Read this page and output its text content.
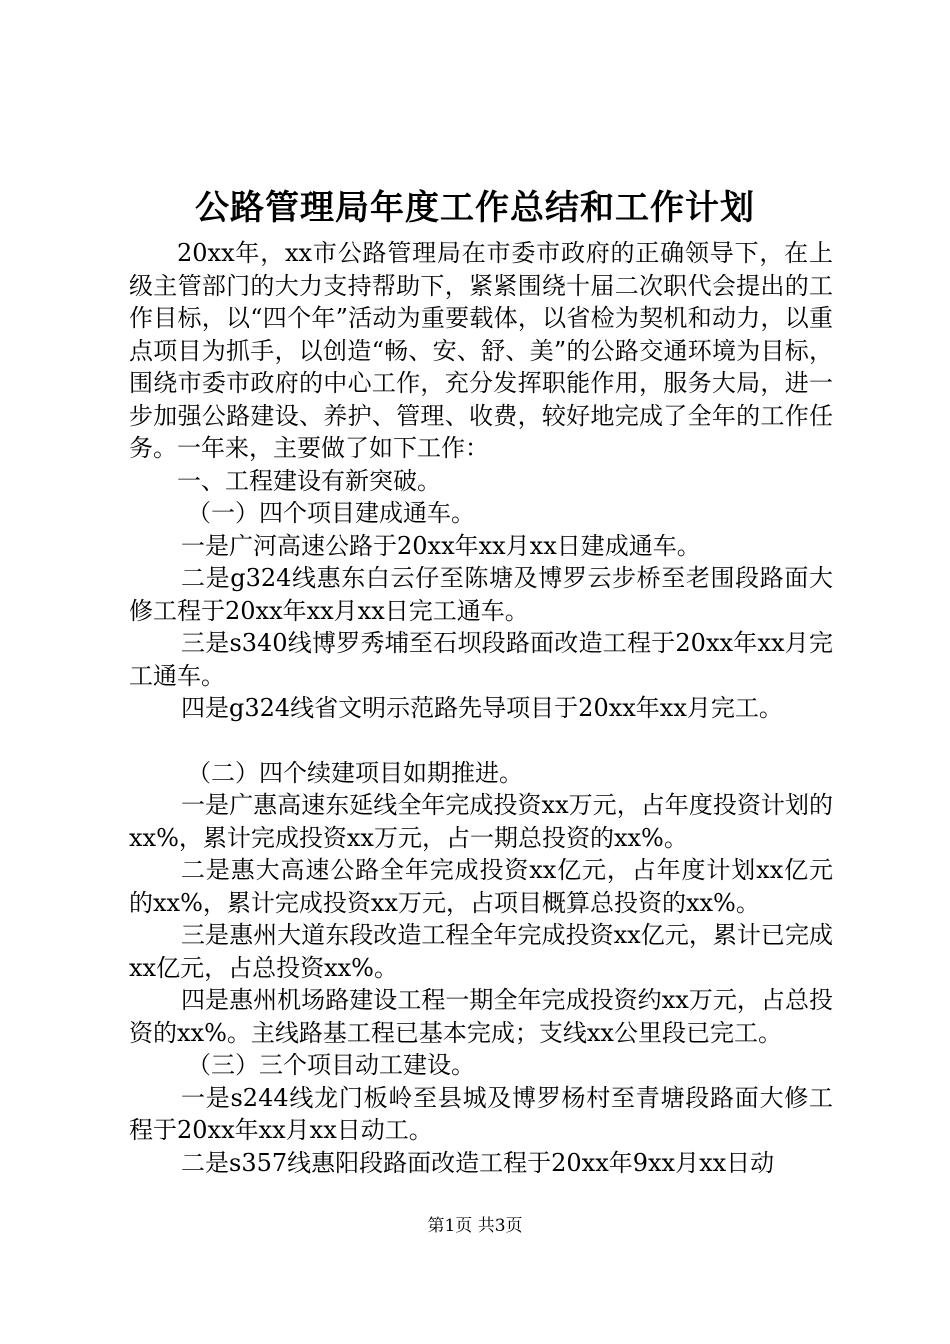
公路管理局年度工作总结和工作计划

20xx年，xx市公路管理局在市委市政府的正确领导下，在上级主管部门的大力支持帮助下，紧紧围绕十届二次职代会提出的工作目标，以“四个年”活动为重要载体，以省检为契机和动力，以重点项目为抓手，以创造“畅、安、舒、美”的公路交通环境为目标，围绕市委市政府的中心工作，充分发挥职能作用，服务大局，进一步加强公路建设、养护、管理、收费，较好地完成了全年的工作任务。一年来，主要做了如下工作：

一、工程建设有新突破。

（一）四个项目建成通车。

一是广河高速公路于20xx年xx月xx日建成通车。

二是g324线惠东白云仔至陈塘及博罗云步桥至老围段路面大修工程于20xx年xx月xx日完工通车。

三是s340线博罗秀埔至石坝段路面改造工程于20xx年xx月完工通车。

四是g324线省文明示范路先导项目于20xx年xx月完工。

（二）四个续建项目如期推进。

一是广惠高速东延线全年完成投资xx万元，占年度投资计划的xx%，累计完成投资xx万元，占一期总投资的xx%。

二是惠大高速公路全年完成投资xx亿元，占年度计划xx亿元的xx%，累计完成投资xx万元，占项目概算总投资的xx%。

三是惠州大道东段改造工程全年完成投资xx亿元，累计已完成xx亿元，占总投资xx%。

四是惠州机场路建设工程一期全年完成投资约xx万元，占总投资的xx%。主线路基工程已基本完成；支线xx公里段已完工。

（三）三个项目动工建设。

一是s244线龙门板岭至县城及博罗杨村至青塘段路面大修工程于20xx年xx月xx日动工。

二是s357线惠阳段路面改造工程于20xx年9xx月xx日动

第1页 共3页
